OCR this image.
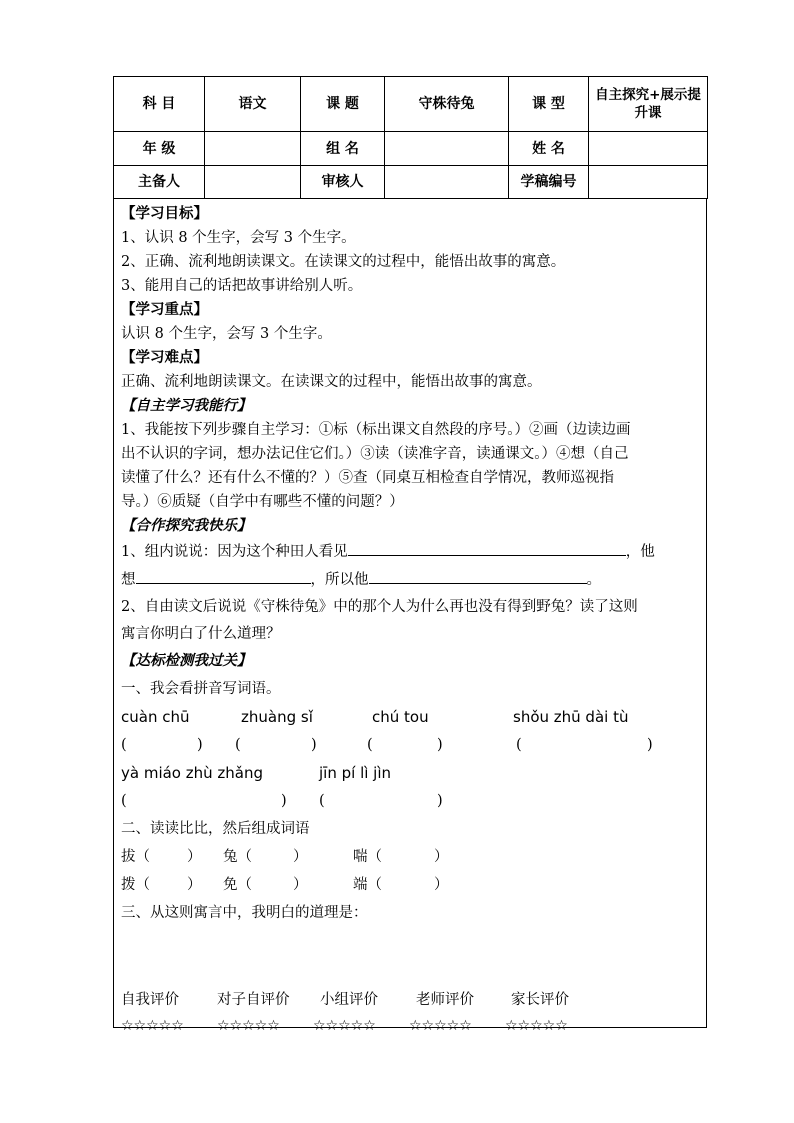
科 目	语文	课 题	守株待兔	课 型	自主探究+展示提升课
年 级		组 名		姓 名	
主备人		审核人		学稿编号	
【学习目标】
1、认识 8 个生字，会写 3 个生字。
2、正确、流利地朗读课文。在读课文的过程中，能悟出故事的寓意。
3、能用自己的话把故事讲给别人听。
【学习重点】
认识 8 个生字，会写 3 个生字。
【学习难点】
正确、流利地朗读课文。在读课文的过程中，能悟出故事的寓意。
【自主学习我能行】
1、我能按下列步骤自主学习：①标（标出课文自然段的序号。）②画（边读边画
出不认识的字词，想办法记住它们。）③读（读准字音，读通课文。）④想（自己
读懂了什么？还有什么不懂的？）⑤查（同桌互相检查自学情况，教师巡视指
导。）⑥质疑（自学中有哪些不懂的问题？）
【合作探究我快乐】
1、组内说说：因为这个种田人看见	，他
想	，所以他	。
2、自由读文后说说《守株待兔》中的那个人为什么再也没有得到野兔？读了这则
寓言你明白了什么道理？
【达标检测我过关】
一、我会看拼音写词语。
cuàn chū	zhuàng sǐ	chú tou	shǒu zhū dài tù
(	) (	)	(	)	(	)
yà miáo zhù zhǎng	jīn pí lì jìn
(	) (	)
二、读读比比，然后组成词语
拔（	） 兔（	）	喘（	）
拨（	） 免（	）	端（	）
三、从这则寓言中，我明白的道理是：
自我评价	对子自评价 小组评价	老师评价	家长评价
☆☆☆☆☆ ☆☆☆☆☆ ☆☆☆☆☆ ☆☆☆☆☆ ☆☆☆☆☆
